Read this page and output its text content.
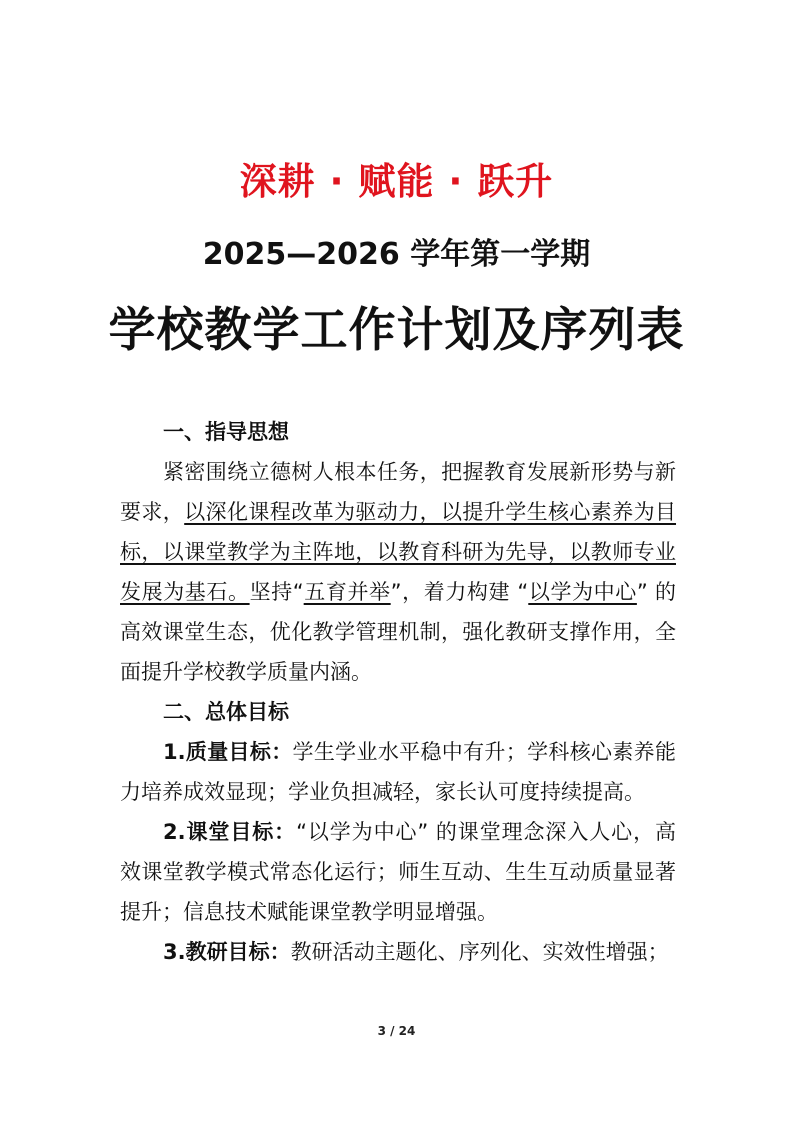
深耕 · 赋能 · 跃升
2025—2026 学年第一学期
学校教学工作计划及序列表

一、指导思想

紧密围绕立德树人根本任务，把握教育发展新形势与新要求，以深化课程改革为驱动力，以提升学生核心素养为目标，以课堂教学为主阵地，以教育科研为先导，以教师专业发展为基石。坚持“五育并举”，着力构建 “以学为中心” 的高效课堂生态，优化教学管理机制，强化教研支撑作用，全面提升学校教学质量内涵。

二、总体目标

1.质量目标：学生学业水平稳中有升；学科核心素养能力培养成效显现；学业负担减轻，家长认可度持续提高。

2.课堂目标：“以学为中心” 的课堂理念深入人心，高效课堂教学模式常态化运行；师生互动、生生互动质量显著提升；信息技术赋能课堂教学明显增强。

3.教研目标：教研活动主题化、序列化、实效性增强；

3 / 24
